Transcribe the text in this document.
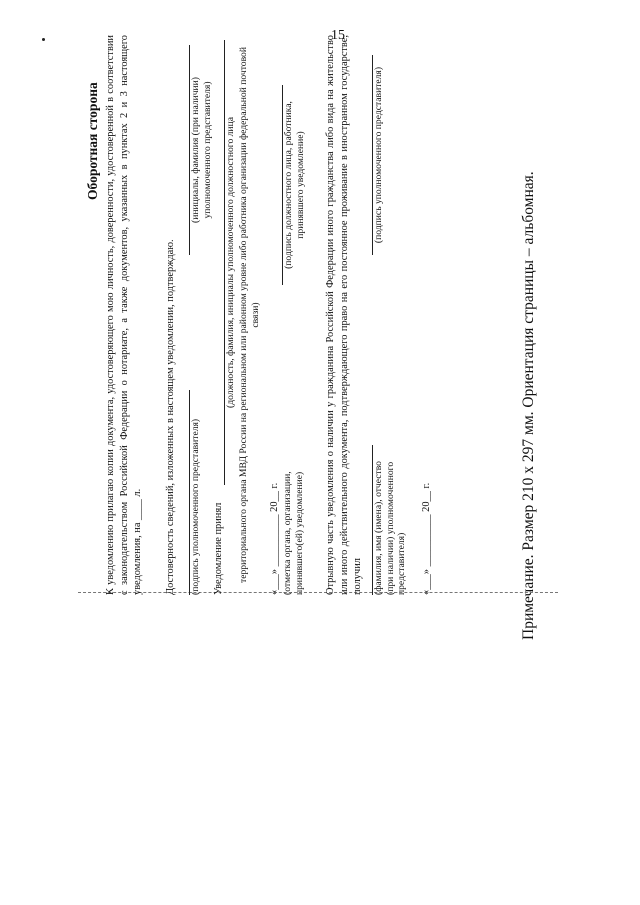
15
Примечание. Размер 210 х 297 мм. Ориентация страницы – альбомная.
Оборотная сторона К уведомлению прилагаю копии документа, удостоверяющего мою личность, доверенности, удостоверенной в соответствии с законодательством Российской Федерации о нотариате, а также документов, указанных в пунктах 2 и 3 настоящего уведомления, на ____ л. Достоверность сведений, изложенных в настоящем уведомлении, подтверждаю. (подпись уполномоченного представителя)
(инициалы, фамилия (при наличии) уполномоченного представителя)
Уведомление принял
(должность, фамилия, инициалы уполномоченного должностного лица территориального органа МВД России на региональном или районном уровне либо работника организации федеральной почтовой связи)
«___» __________ 20__ г. (отметка органа, организации, принявшего(ей) уведомление)
(подпись должностного лица, работника, принявшего уведомление) Отрывную часть уведомления о наличии у гражданина Российской Федерации иного гражданства либо вида на жительство или иного действительного документа, подтверждающего право на его постоянное проживание в иностранном государстве, получил (фамилия, имя (имена), отчество (при наличии) уполномоченного представителя)
(подпись уполномоченного представителя)
«___» __________ 20__ г.
